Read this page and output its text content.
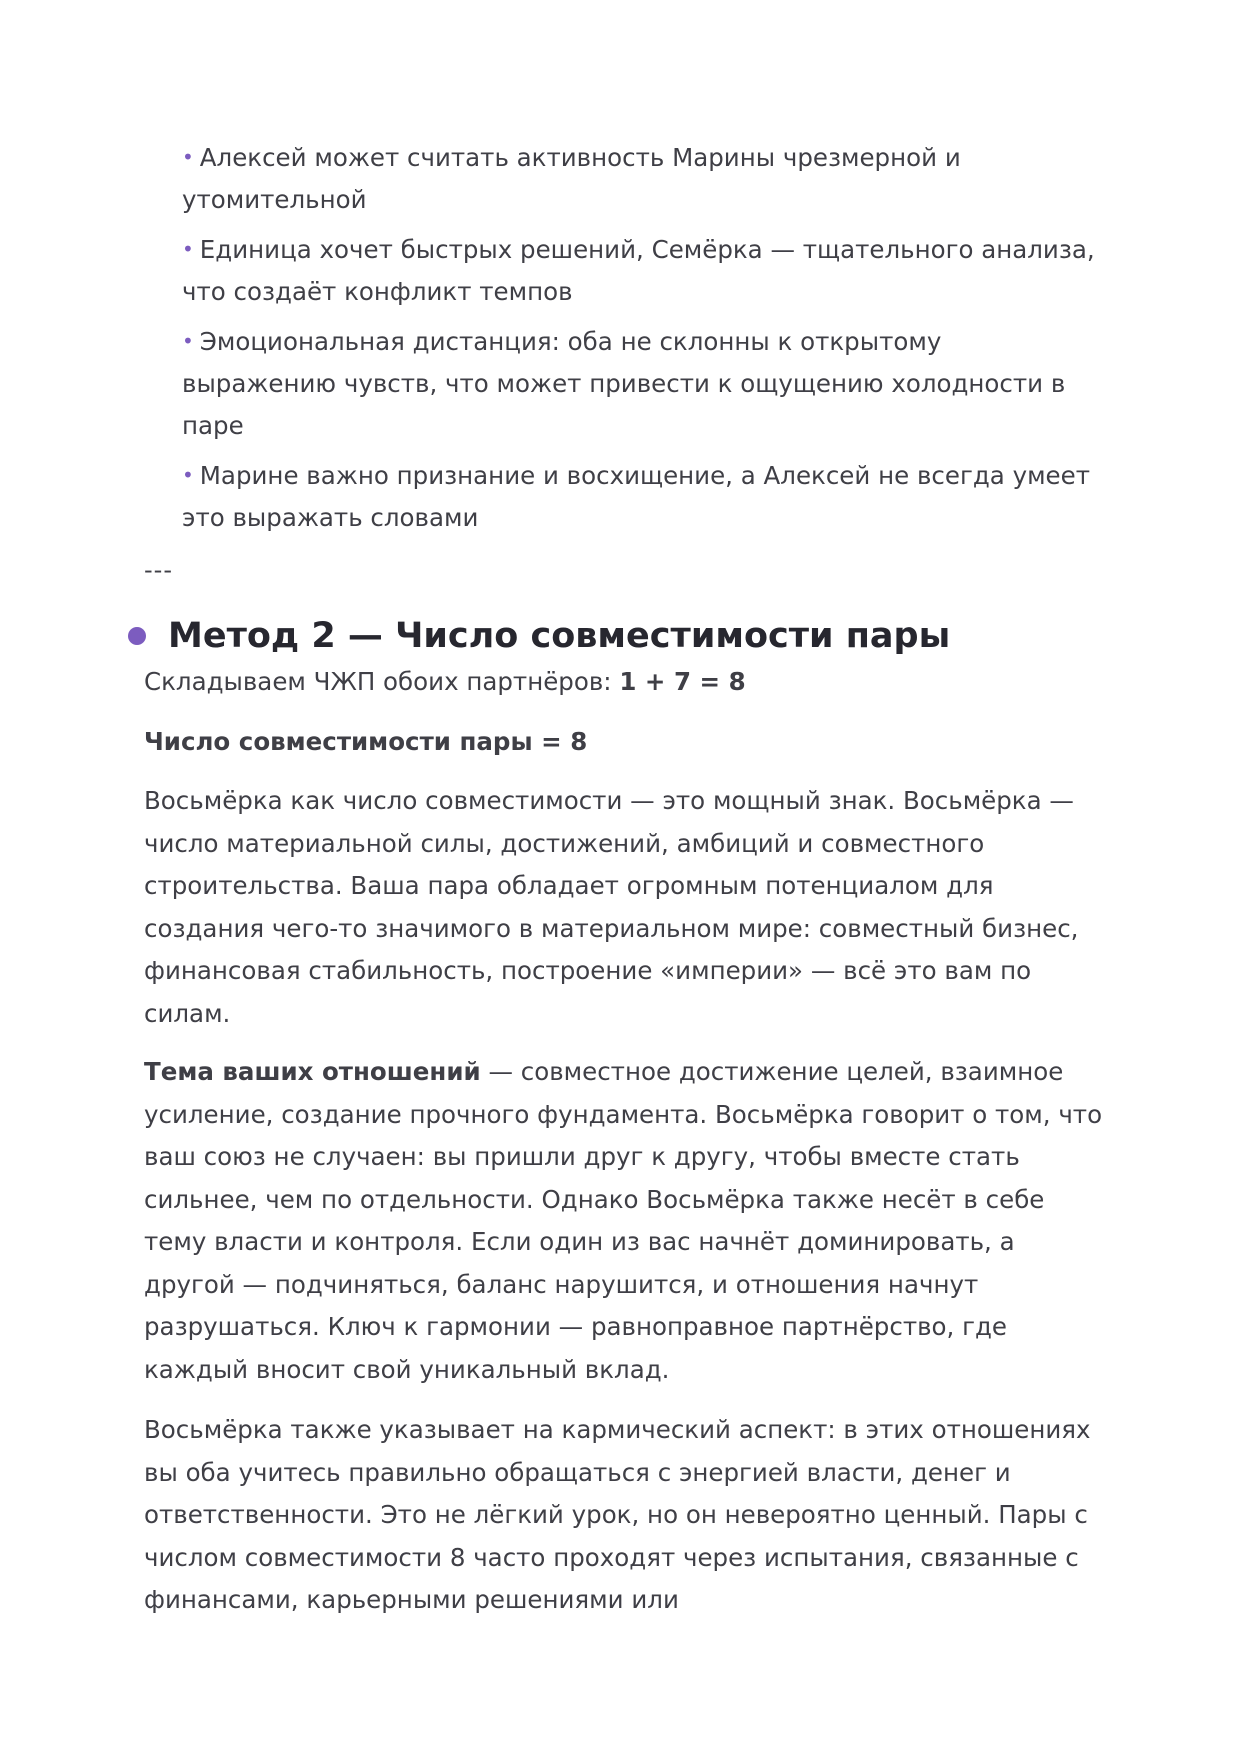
• Алексей может считать активность Марины чрезмерной и утомительной
• Единица хочет быстрых решений, Семёрка — тщательного анализа, что создаёт конфликт темпов
• Эмоциональная дистанция: оба не склонны к открытому выражению чувств, что может привести к ощущению холодности в паре
• Марине важно признание и восхищение, а Алексей не всегда умеет это выражать словами
---
Метод 2 — Число совместимости пары
Складываем ЧЖП обоих партнёров: 1 + 7 = 8
Число совместимости пары = 8

Восьмёрка как число совместимости — это мощный знак. Восьмёрка — число материальной силы, достижений, амбиций и совместного строительства. Ваша пара обладает огромным потенциалом для создания чего-то значимого в материальном мире: совместный бизнес, финансовая стабильность, построение «империи» — всё это вам по силам.

Тема ваших отношений — совместное достижение целей, взаимное усиление, создание прочного фундамента. Восьмёрка говорит о том, что ваш союз не случаен: вы пришли друг к другу, чтобы вместе стать сильнее, чем по отдельности. Однако Восьмёрка также несёт в себе тему власти и контроля. Если один из вас начнёт доминировать, а другой — подчиняться, баланс нарушится, и отношения начнут разрушаться. Ключ к гармонии — равноправное партнёрство, где каждый вносит свой уникальный вклад.

Восьмёрка также указывает на кармический аспект: в этих отношениях вы оба учитесь правильно обращаться с энергией власти, денег и ответственности. Это не лёгкий урок, но он невероятно ценный. Пары с числом совместимости 8 часто проходят через испытания, связанные с финансами, карьерными решениями или
